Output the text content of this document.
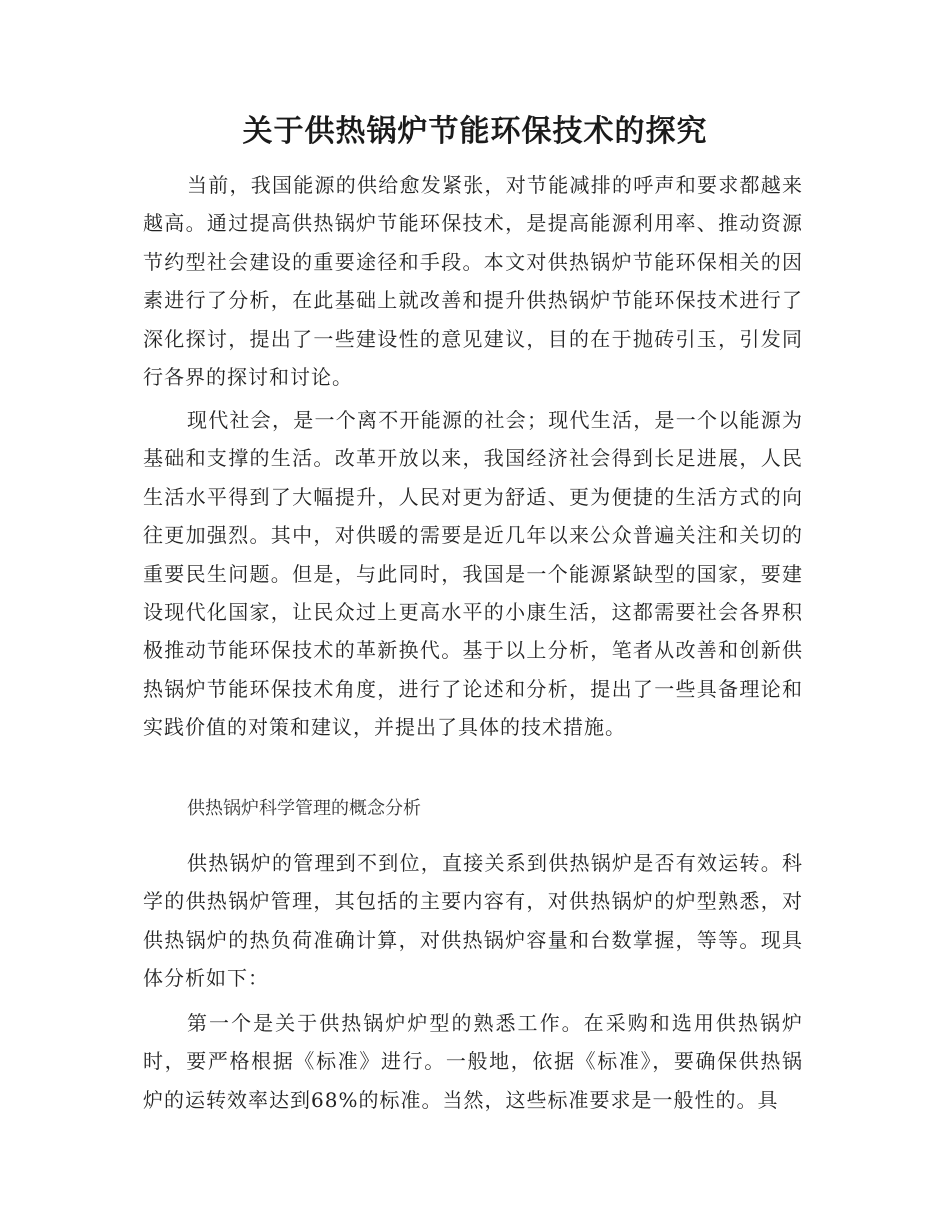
关于供热锅炉节能环保技术的探究

当前，我国能源的供给愈发紧张，对节能减排的呼声和要求都越来越高。通过提高供热锅炉节能环保技术，是提高能源利用率、推动资源节约型社会建设的重要途径和手段。本文对供热锅炉节能环保相关的因素进行了分析，在此基础上就改善和提升供热锅炉节能环保技术进行了深化探讨，提出了一些建设性的意见建议，目的在于抛砖引玉，引发同行各界的探讨和讨论。

现代社会，是一个离不开能源的社会；现代生活，是一个以能源为基础和支撑的生活。改革开放以来，我国经济社会得到长足进展，人民生活水平得到了大幅提升，人民对更为舒适、更为便捷的生活方式的向往更加强烈。其中，对供暖的需要是近几年以来公众普遍关注和关切的重要民生问题。但是，与此同时，我国是一个能源紧缺型的国家，要建设现代化国家，让民众过上更高水平的小康生活，这都需要社会各界积极推动节能环保技术的革新换代。基于以上分析，笔者从改善和创新供热锅炉节能环保技术角度，进行了论述和分析，提出了一些具备理论和实践价值的对策和建议，并提出了具体的技术措施。

供热锅炉科学管理的概念分析

供热锅炉的管理到不到位，直接关系到供热锅炉是否有效运转。科学的供热锅炉管理，其包括的主要内容有，对供热锅炉的炉型熟悉，对供热锅炉的热负荷准确计算，对供热锅炉容量和台数掌握，等等。现具体分析如下：

第一个是关于供热锅炉炉型的熟悉工作。在采购和选用供热锅炉时，要严格根据《标准》进行。一般地，依据《标准》，要确保供热锅炉的运转效率达到68%的标准。当然，这些标准要求是一般性的。具
